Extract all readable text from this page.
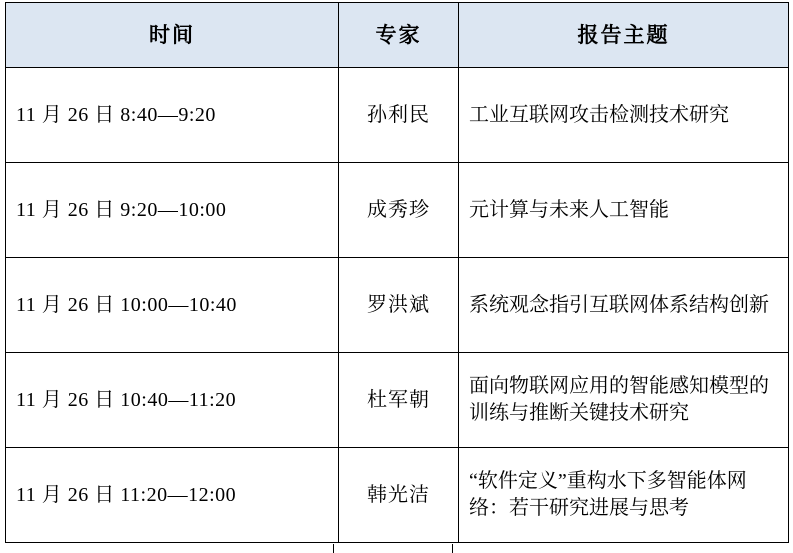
时间	专家	报告主题
11 月 26 日 8:40—9:20	孙利民	工业互联网攻击检测技术研究
11 月 26 日 9:20—10:00	成秀珍	元计算与未来人工智能
11 月 26 日 10:00—10:40	罗洪斌	系统观念指引互联网体系结构创新
11 月 26 日 10:40—11:20	杜军朝	面向物联网应用的智能感知模型的训练与推断关键技术研究
11 月 26 日 11:20—12:00	韩光洁	“软件定义”重构水下多智能体网络：若干研究进展与思考
